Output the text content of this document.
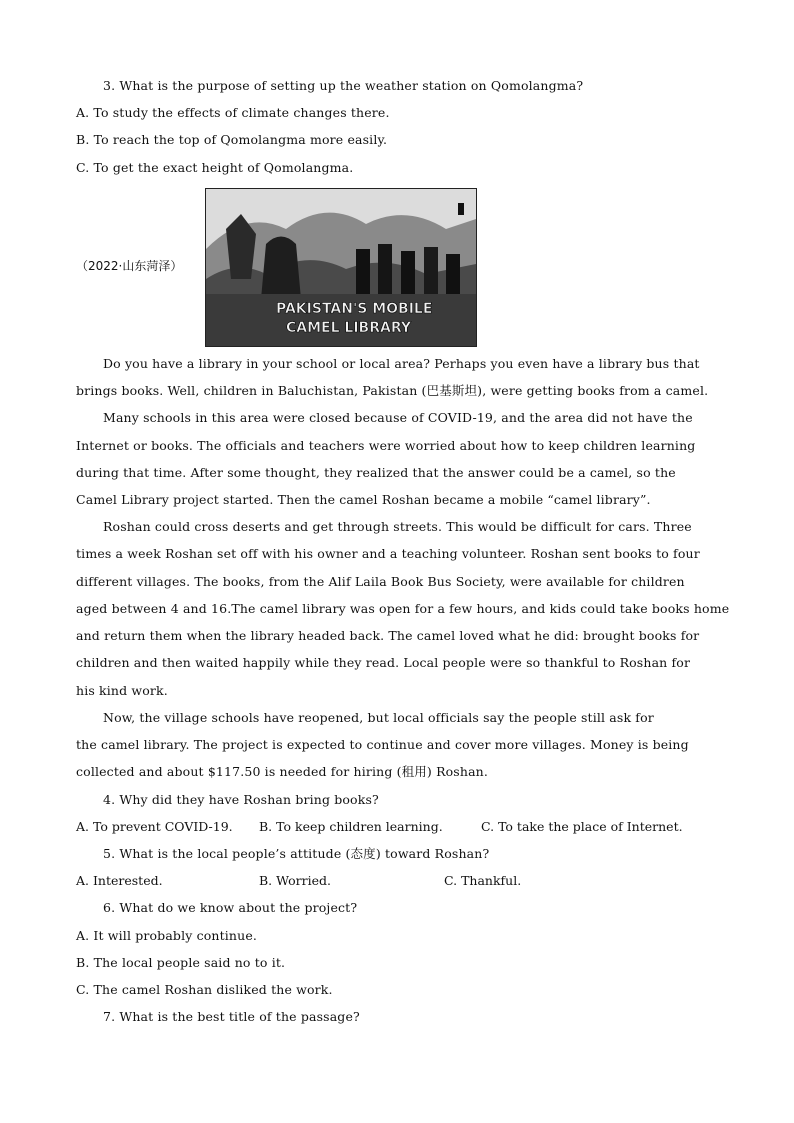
3. What is the purpose of setting up the weather station on Qomolangma?
A. To study the effects of climate changes there.
B. To reach the top of Qomolangma more easily.
C. To get the exact height of Qomolangma.
（2022·山东菏泽）
PAKISTAN'S MOBILE
CAMEL LIBRARY
Do you have a library in your school or local area? Perhaps you even have a library bus that
brings books. Well, children in Baluchistan, Pakistan (巴基斯坦), were getting books from a camel.
Many schools in this area were closed because of COVID-19, and the area did not have the
Internet or books. The officials and teachers were worried about how to keep children learning
during that time. After some thought, they realized that the answer could be a camel, so the
Camel Library project started. Then the camel Roshan became a mobile “camel library”.
Roshan could cross deserts and get through streets. This would be difficult for cars. Three
times a week Roshan set off with his owner and a teaching volunteer. Roshan sent books to four
different villages. The books, from the Alif Laila Book Bus Society, were available for children
aged between 4 and 16.The camel library was open for a few hours, and kids could take books home
and return them when the library headed back. The camel loved what he did: brought books for
children and then waited happily while they read. Local people were so thankful to Roshan for
his kind work.
Now, the village schools have reopened, but local officials say the people still ask for
the camel library. The project is expected to continue and cover more villages. Money is being
collected and about $117.50 is needed for hiring (租用) Roshan.
4. Why did they have Roshan bring books?
A. To prevent COVID-19. B. To keep children learning.	C. To take the place of Internet.
5. What is the local people’s attitude (态度) toward Roshan?
A. Interested.	B. Worried.	C. Thankful.
6. What do we know about the project?
A. It will probably continue.
B. The local people said no to it.
C. The camel Roshan disliked the work.
7. What is the best title of the passage?
